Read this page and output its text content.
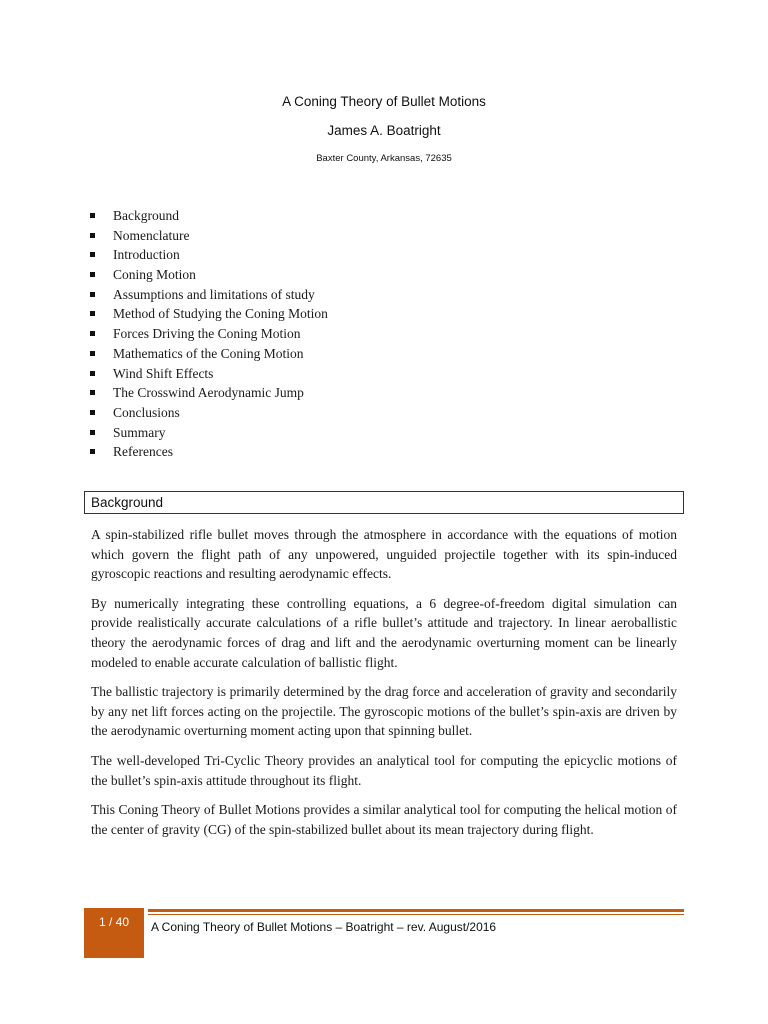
A Coning Theory of Bullet Motions
James A. Boatright
Baxter County, Arkansas, 72635
Background
Nomenclature
Introduction
Coning Motion
Assumptions and limitations of study
Method of Studying the Coning Motion
Forces Driving the Coning Motion
Mathematics of the Coning Motion
Wind Shift Effects
The Crosswind Aerodynamic Jump
Conclusions
Summary
References
Background

A spin-stabilized rifle bullet moves through the atmosphere in accordance with the equations of motion which govern the flight path of any unpowered, unguided projectile together with its spin-induced gyroscopic reactions and resulting aerodynamic effects.

By numerically integrating these controlling equations, a 6 degree-of-freedom digital simulation can provide realistically accurate calculations of a rifle bullet’s attitude and trajectory. In linear aeroballistic theory the aerodynamic forces of drag and lift and the aerodynamic overturning moment can be linearly modeled to enable accurate calculation of ballistic flight.

The ballistic trajectory is primarily determined by the drag force and acceleration of gravity and secondarily by any net lift forces acting on the projectile. The gyroscopic motions of the bullet’s spin-axis are driven by the aerodynamic overturning moment acting upon that spinning bullet.

The well-developed Tri-Cyclic Theory provides an analytical tool for computing the epicyclic motions of the bullet’s spin-axis attitude throughout its flight.

This Coning Theory of Bullet Motions provides a similar analytical tool for computing the helical motion of the center of gravity (CG) of the spin-stabilized bullet about its mean trajectory during flight.

1 / 40	A Coning Theory of Bullet Motions – Boatright – rev. August/2016
